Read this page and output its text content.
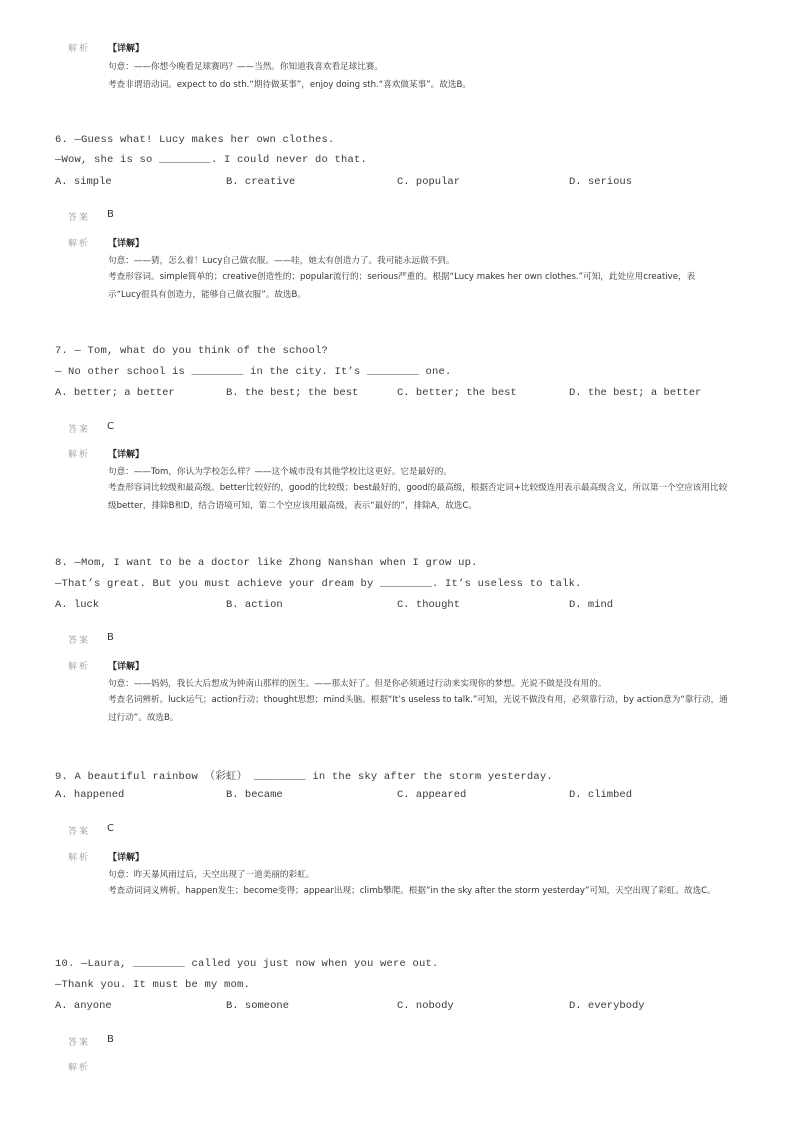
解析 【详解】
句意：——你想今晚看足球赛吗？——当然。你知道我喜欢看足球比赛。
考查非谓语动词。expect to do sth.“期待做某事”，enjoy doing sth.“喜欢做某事”。故选B。
6. —Guess what! Lucy makes her own clothes.
—Wow, she is so ________. I could never do that.
A. simple	B. creative	C. popular	D. serious
答案 B
解析 【详解】
句意：——猜，怎么着！Lucy自己做衣服。——哇，她太有创造力了。我可能永远做不到。
考查形容词。simple简单的；creative创造性的；popular流行的；serious严重的。根据“Lucy makes her own clothes.”可知，此处应用creative，表示“Lucy很具有创造力，能够自己做衣服”。故选B。
7. — Tom, what do you think of the school?
— No other school is ________ in the city. It’s ________ one.
A. better; a better	B. the best; the best	C. better; the best	D. the best; a better
答案 C
解析 【详解】
句意：——Tom，你认为学校怎么样？——这个城市没有其他学校比这更好。它是最好的。
考查形容词比较级和最高级。better比较好的，good的比较级；best最好的，good的最高级，根据否定词+比较级连用表示最高级含义，所以第一个空应该用比较级better，排除B和D，结合语境可知，第二个空应该用最高级，表示“最好的”，排除A，故选C。
8. —Mom, I want to be a doctor like Zhong Nanshan when I grow up.
—That’s great. But you must achieve your dream by ________. It’s useless to talk.
A. luck	B. action	C. thought	D. mind
答案 B
解析 【详解】
句意：——妈妈，我长大后想成为钟南山那样的医生。——那太好了。但是你必须通过行动来实现你的梦想。光说不做是没有用的。
考查名词辨析。luck运气；action行动；thought思想；mind头脑。根据“It’s useless to talk.”可知，光说不做没有用，必须靠行动，by action意为“靠行动，通过行动”。故选B。
9. A beautiful rainbow （彩虹） ________ in the sky after the storm yesterday.
A. happened	B. became	C. appeared	D. climbed
答案 C
解析 【详解】
句意：昨天暴风雨过后，天空出现了一道美丽的彩虹。
考查动词词义辨析。happen发生；become变得；appear出现；climb攀爬。根据”in the sky after the storm yesterday”可知，天空出现了彩虹。故选C。
10. —Laura, ________ called you just now when you were out.
—Thank you. It must be my mom.
A. anyone	B. someone	C. nobody	D. everybody
答案 B
解析
